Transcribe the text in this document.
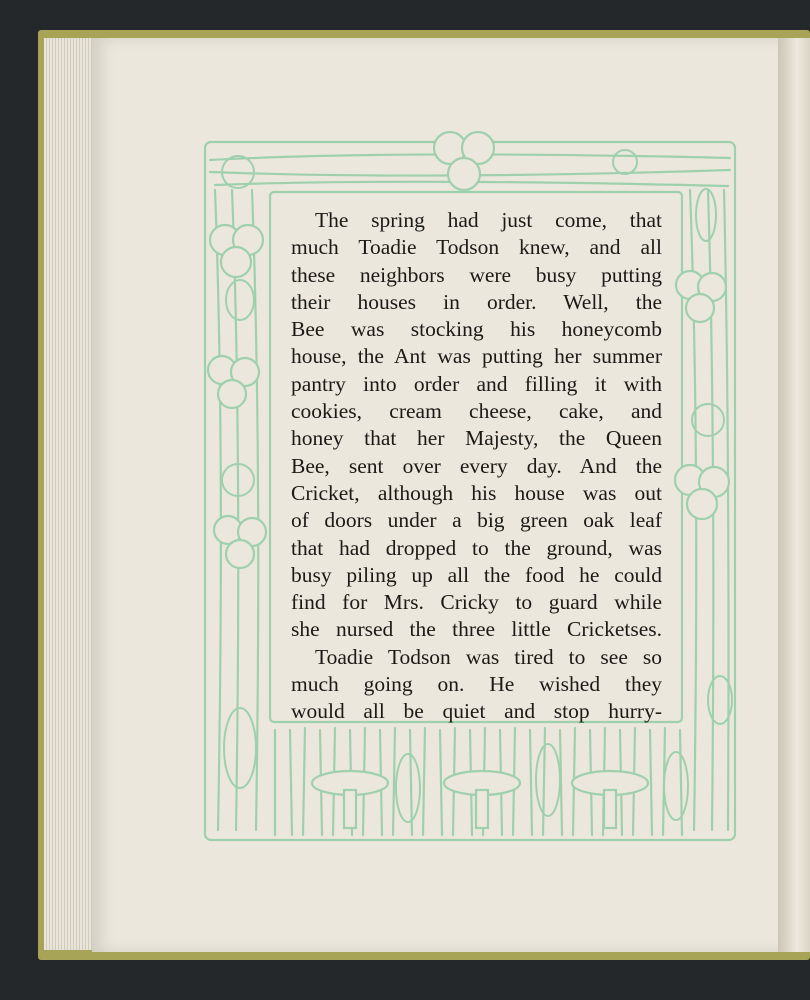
The spring had just come, that
much Toadie Todson knew, and all
these neighbors were busy putting
their houses in order. Well, the
Bee was stocking his honeycomb
house, the Ant was putting her summer
pantry into order and filling it with
cookies, cream cheese, cake, and
honey that her Majesty, the Queen
Bee, sent over every day. And the
Cricket, although his house was out
of doors under a big green oak leaf
that had dropped to the ground, was
busy piling up all the food he could
find for Mrs. Cricky to guard while
she nursed the three little Cricketses.
Toadie Todson was tired to see so
much going on. He wished they
would all be quiet and stop hurry-
